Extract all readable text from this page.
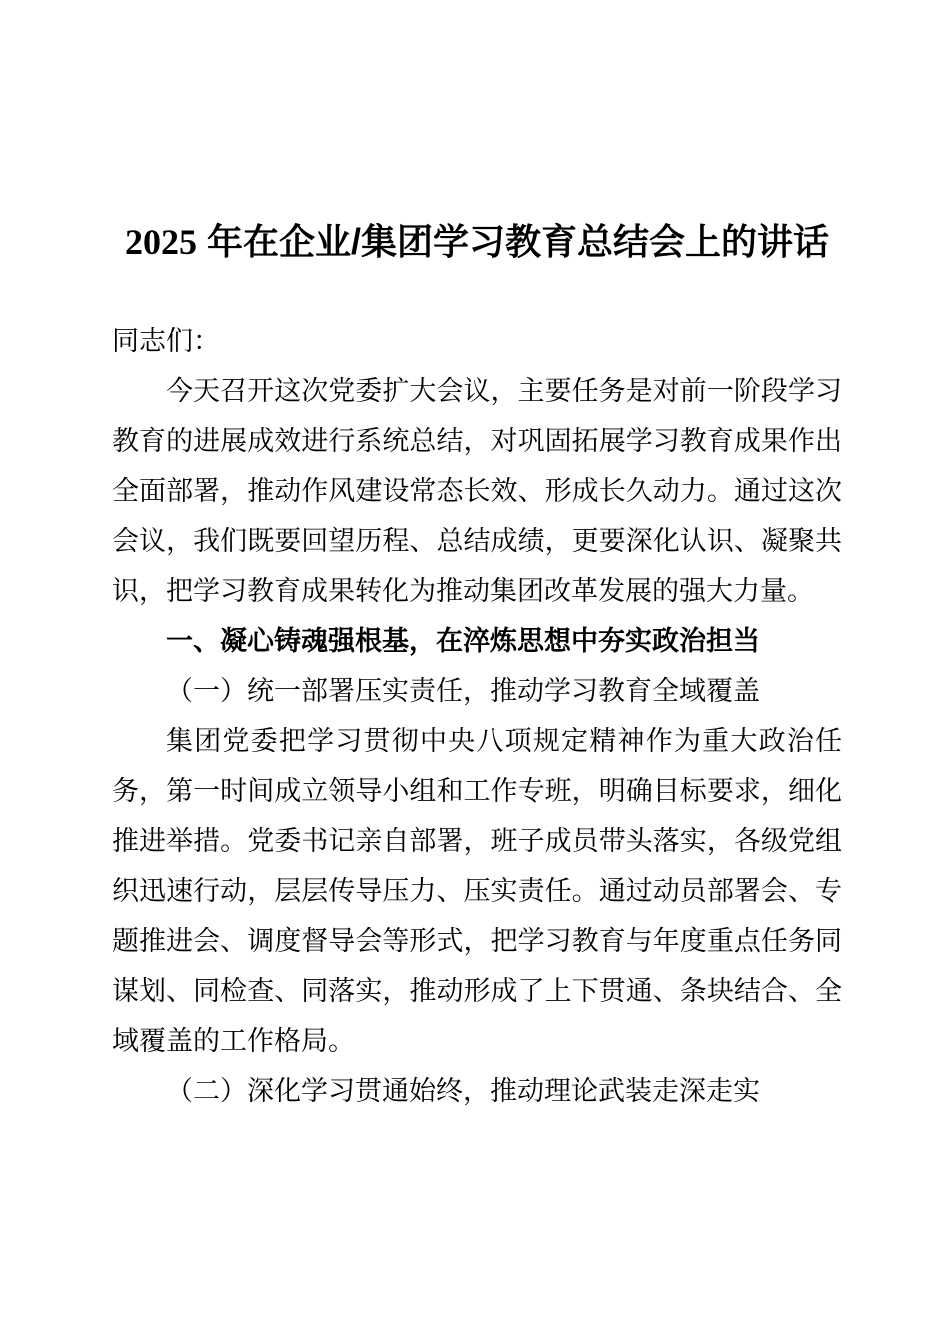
2025 年在企业/集团学习教育总结会上的讲话

同志们：

今天召开这次党委扩大会议，主要任务是对前一阶段学习教育的进展成效进行系统总结，对巩固拓展学习教育成果作出全面部署，推动作风建设常态长效、形成长久动力。通过这次会议，我们既要回望历程、总结成绩，更要深化认识、凝聚共识，把学习教育成果转化为推动集团改革发展的强大力量。

一、凝心铸魂强根基，在淬炼思想中夯实政治担当

（一）统一部署压实责任，推动学习教育全域覆盖

集团党委把学习贯彻中央八项规定精神作为重大政治任务，第一时间成立领导小组和工作专班，明确目标要求，细化推进举措。党委书记亲自部署，班子成员带头落实，各级党组织迅速行动，层层传导压力、压实责任。通过动员部署会、专题推进会、调度督导会等形式，把学习教育与年度重点任务同谋划、同检查、同落实，推动形成了上下贯通、条块结合、全域覆盖的工作格局。

（二）深化学习贯通始终，推动理论武装走深走实
